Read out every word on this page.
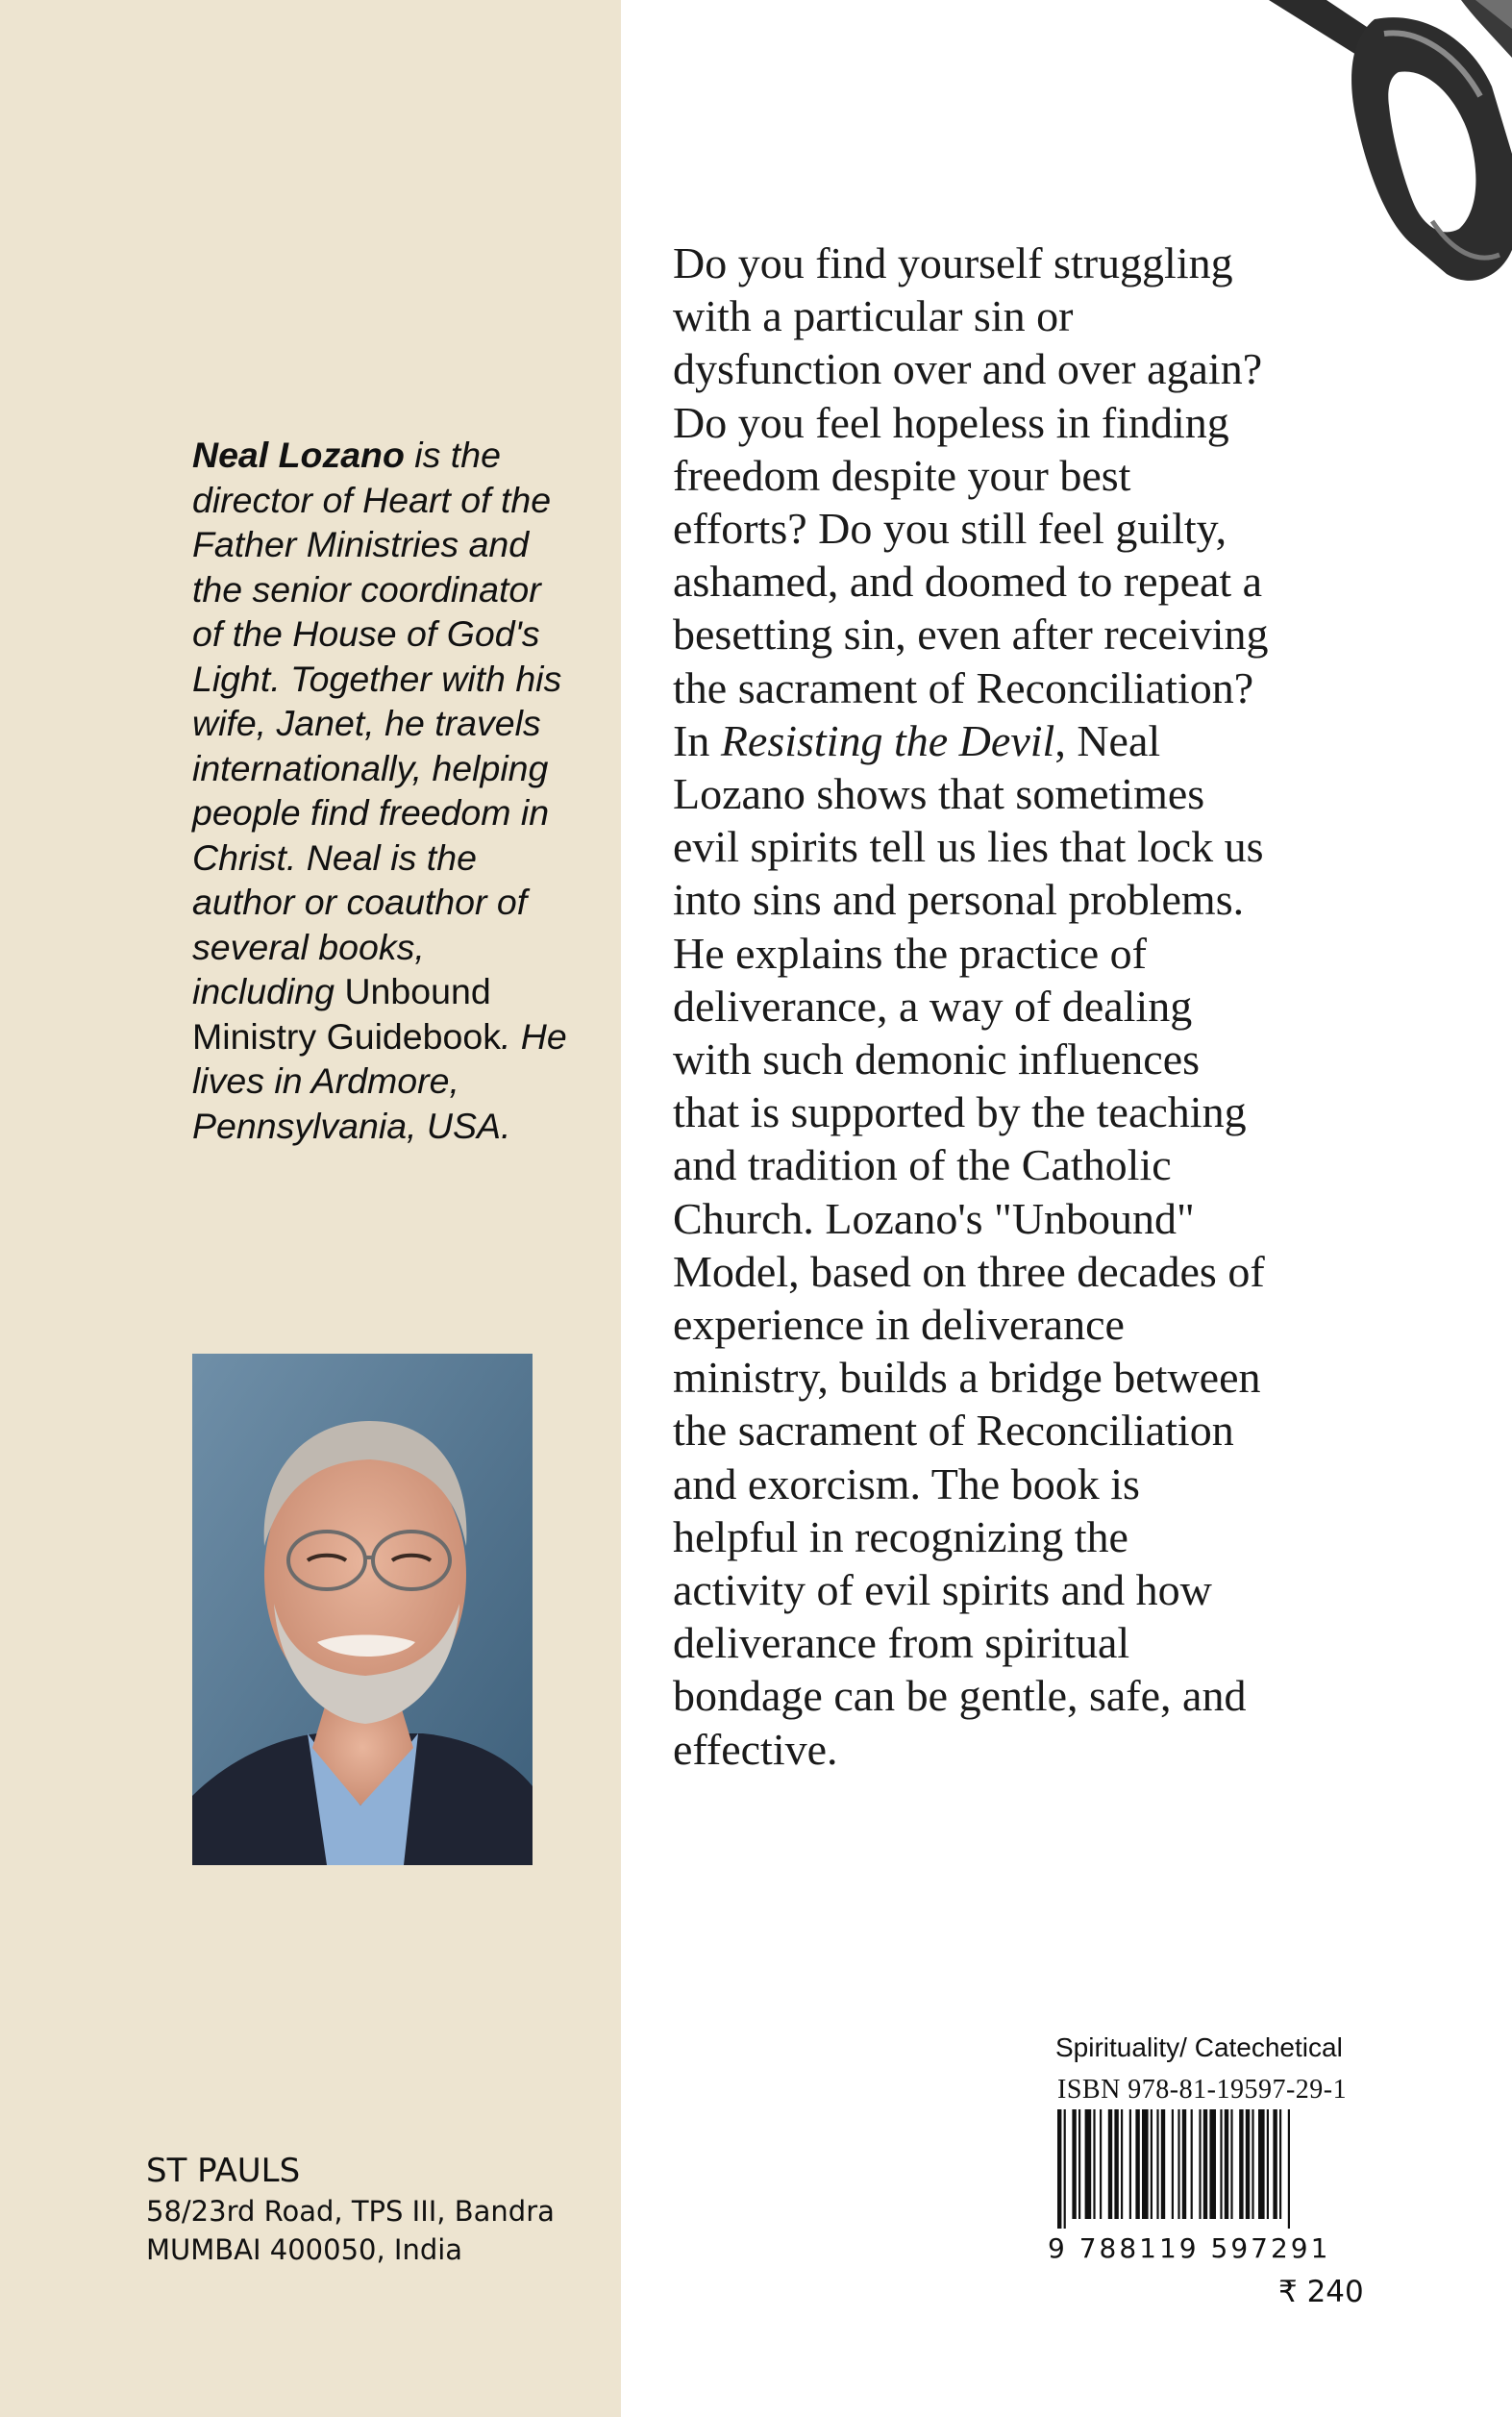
Neal Lozano is the director of Heart of the Father Ministries and the senior coordinator of the House of God's Light. Together with his wife, Janet, he travels internationally, helping people find freedom in Christ. Neal is the author or coauthor of several books, including Unbound Ministry Guidebook. He lives in Ardmore, Pennsylvania, USA.
Do you find yourself struggling
with a particular sin or
dysfunction over and over again?
Do you feel hopeless in finding
freedom despite your best
efforts? Do you still feel guilty,
ashamed, and doomed to repeat a
besetting sin, even after receiving
the sacrament of Reconciliation?
In Resisting the Devil, Neal
Lozano shows that sometimes
evil spirits tell us lies that lock us
into sins and personal problems.
He explains the practice of
deliverance, a way of dealing
with such demonic influences
that is supported by the teaching
and tradition of the Catholic
Church. Lozano's "Unbound"
Model, based on three decades of
experience in deliverance
ministry, builds a bridge between
the sacrament of Reconciliation
and exorcism. The book is
helpful in recognizing the
activity of evil spirits and how
deliverance from spiritual
bondage can be gentle, safe, and
effective.
ST PAULS
58/23rd Road, TPS III, Bandra
MUMBAI 400050, India
Spirituality/ Catechetical
ISBN 978-81-19597-29-1
9 788119 597291
₹ 240
